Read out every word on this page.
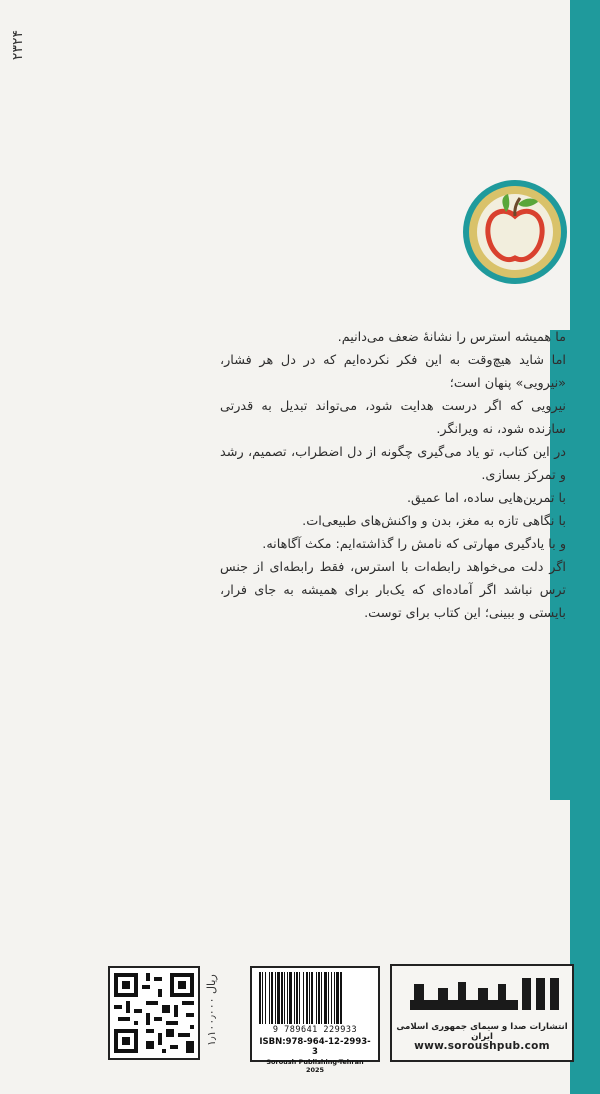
۲۳۲۴

ما همیشه استرس را نشانهٔ ضعف می‌دانیم.

اما شاید هیچ‌وقت به این فکر نکرده‌ایم که در دل هر فشار، «نیرویی» پنهان است؛

نیرویی که اگر درست هدایت شود، می‌تواند تبدیل به قدرتی سازنده شود، نه ویرانگر.

در این کتاب، تو یاد می‌گیری چگونه از دل اضطراب، تصمیم، رشد و تمرکز بسازی.

با تمرین‌هایی ساده، اما عمیق.

با نگاهی تازه به مغز، بدن و واکنش‌های طبیعی‌ات.

و با یادگیری مهارتی که نامش را گذاشته‌ایم: مکث آگاهانه.

اگر دلت می‌خواهد رابطه‌ات با استرس، فقط رابطه‌ای از جنس ترس نباشد اگر آماده‌ای که یک‌بار برای همیشه به جای فرار، بایستی و ببینی؛ این کتاب برای توست.

۱٫۱۰۰٫۰۰۰ ریال
9 789641 229933
ISBN:978-964-12-2993-3
Soroush Publishing-Tehran 2025
انتشارات صدا و سیمای جمهوری اسلامی ایران
www.soroushpub.com
